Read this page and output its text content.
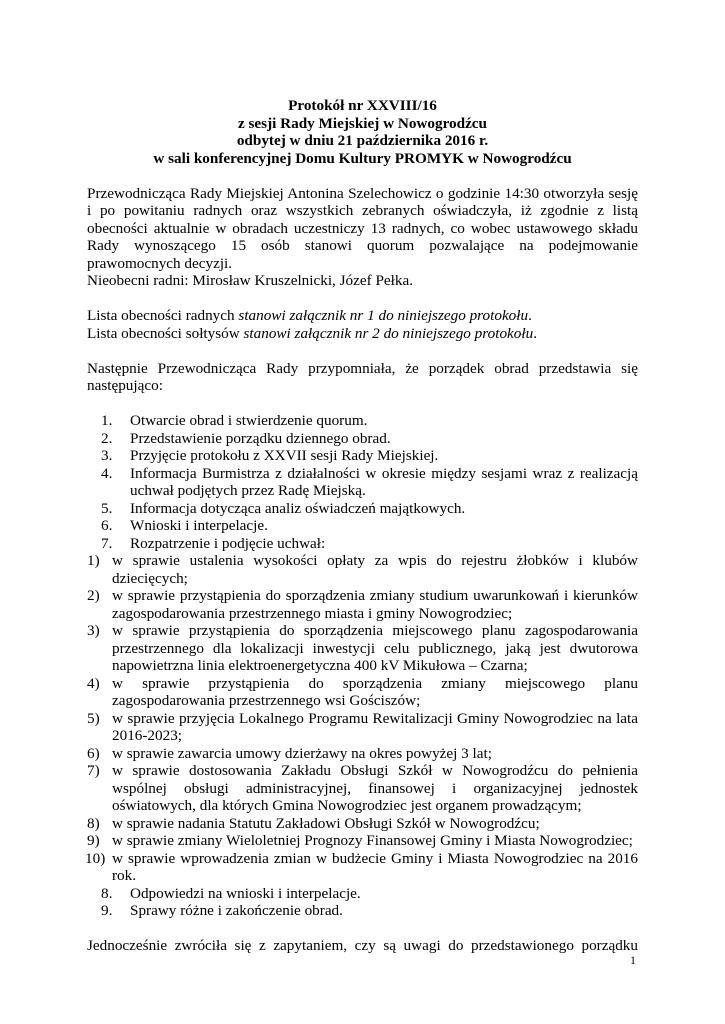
Protokół nr XXVIII/16

z sesji Rady Miejskiej w Nowogrodźcu

odbytej w dniu 21 października 2016 r.

w sali konferencyjnej Domu Kultury PROMYK w Nowogrodźcu

Przewodnicząca Rady Miejskiej Antonina Szelechowicz o godzinie 14:30 otworzyła sesję i po powitaniu radnych oraz wszystkich zebranych oświadczyła, iż zgodnie z listą obecności aktualnie w obradach uczestniczy 13 radnych, co wobec ustawowego składu Rady wynoszącego 15 osób stanowi quorum pozwalające na podejmowanie prawomocnych decyzji.

Nieobecni radni: Mirosław Kruszelnicki, Józef Pełka.

Lista obecności radnych stanowi załącznik nr 1 do niniejszego protokołu.

Lista obecności sołtysów stanowi załącznik nr 2 do niniejszego protokołu.

Następnie Przewodnicząca Rady przypomniała, że porządek obrad przedstawia się następująco:

1.	Otwarcie obrad i stwierdzenie quorum.
2.	Przedstawienie porządku dziennego obrad.
3.	Przyjęcie protokołu z XXVII sesji Rady Miejskiej.
4.	Informacja Burmistrza z działalności w okresie między sesjami wraz z realizacją uchwał podjętych przez Radę Miejską.
5.	Informacja dotycząca analiz oświadczeń majątkowych.
6.	Wnioski i interpelacje.
7.	Rozpatrzenie i podjęcie uchwał:
1) w sprawie ustalenia wysokości opłaty za wpis do rejestru żłobków i klubów dziecięcych;
2) w sprawie przystąpienia do sporządzenia zmiany studium uwarunkowań i kierunków zagospodarowania przestrzennego miasta i gminy Nowogrodziec;
3) w sprawie przystąpienia do sporządzenia miejscowego planu zagospodarowania przestrzennego dla lokalizacji inwestycji celu publicznego, jaką jest dwutorowa napowietrzna linia elektroenergetyczna 400 kV Mikułowa – Czarna;
4) w sprawie przystąpienia do sporządzenia zmiany miejscowego planu zagospodarowania przestrzennego wsi Gościszów;
5) w sprawie przyjęcia Lokalnego Programu Rewitalizacji Gminy Nowogrodziec na lata 2016-2023;
6) w sprawie zawarcia umowy dzierżawy na okres powyżej 3 lat;
7) w sprawie dostosowania Zakładu Obsługi Szkół w Nowogrodźcu do pełnienia wspólnej obsługi administracyjnej, finansowej i organizacyjnej jednostek oświatowych, dla których Gmina Nowogrodziec jest organem prowadzącym;
8) w sprawie nadania Statutu Zakładowi Obsługi Szkół w Nowogrodźcu;
9) w sprawie zmiany Wieloletniej Prognozy Finansowej Gminy i Miasta Nowogrodziec;
10) w sprawie wprowadzenia zmian w budżecie Gminy i Miasta Nowogrodziec na 2016 rok.
8.	Odpowiedzi na wnioski i interpelacje.
9.	Sprawy różne i zakończenie obrad.

Jednocześnie zwróciła się z zapytaniem, czy są uwagi do przedstawionego porządku

1
